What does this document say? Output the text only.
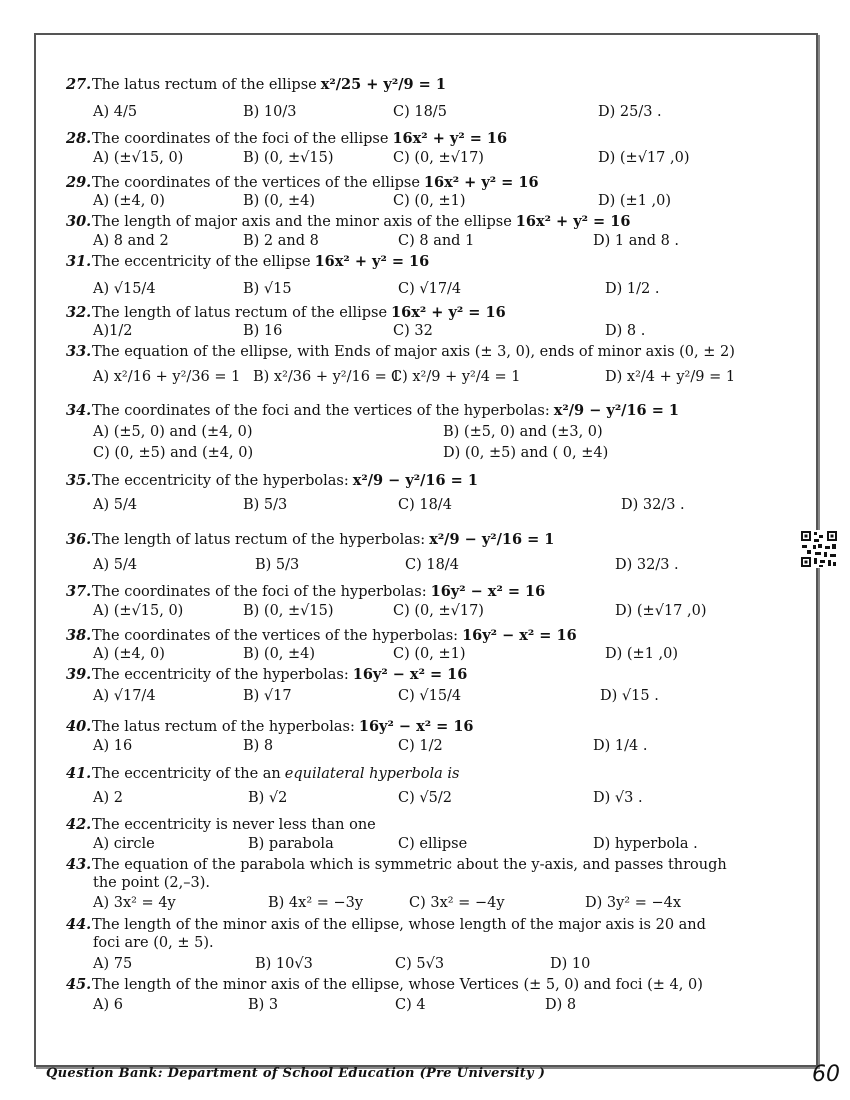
27.The latus rectum of the ellipse x²/25 + y²/9 = 1
A) 4/5	B) 10/3	C) 18/5	D) 25/3 .
28.The coordinates of the foci of the ellipse 16x² + y² = 16
A) (±√15, 0)	B) (0, ±√15)	C) (0, ±√17)	D) (±√17 ,0)
29.The coordinates of the vertices of the ellipse 16x² + y² = 16
A) (±4, 0)	B) (0, ±4)	C) (0, ±1)	D) (±1 ,0)
30.The length of major axis and the minor axis of the ellipse 16x² + y² = 16
A) 8 and 2	B) 2 and 8	C) 8 and 1	D) 1 and 8 .
31.The eccentricity of the ellipse 16x² + y² = 16
A) √15/4	B) √15	C) √17/4	D) 1/2 .
32.The length of latus rectum of the ellipse 16x² + y² = 16
A)1/2	B) 16	C) 32	D) 8 .
33.The equation of the ellipse, with Ends of major axis (± 3, 0), ends of minor axis (0, ± 2)
A) x²/16 + y²/36 = 1 B) x²/36 + y²/16 = 1
C) x²/9 + y²/4 = 1	D) x²/4 + y²/9 = 1
34.The coordinates of the foci and the vertices of the hyperbolas: x²/9 − y²/16 = 1
A) (±5, 0) and (±4, 0)	B) (±5, 0) and (±3, 0)
C) (0, ±5) and (±4, 0)	D) (0, ±5) and ( 0, ±4)
35.The eccentricity of the hyperbolas: x²/9 − y²/16 = 1
A) 5/4	B) 5/3	C) 18/4	D) 32/3 .
36.The length of latus rectum of the hyperbolas: x²/9 − y²/16 = 1
A) 5/4	B) 5/3	C) 18/4	D) 32/3 .
37.The coordinates of the foci of the hyperbolas: 16y² − x² = 16
A) (±√15, 0)	B) (0, ±√15)	C) (0, ±√17)	D) (±√17 ,0)
38.The coordinates of the vertices of the hyperbolas: 16y² − x² = 16
A) (±4, 0)	B) (0, ±4)	C) (0, ±1)	D) (±1 ,0)
39.The eccentricity of the hyperbolas: 16y² − x² = 16
A) √17/4	B) √17	C) √15/4	D) √15 .
40.The latus rectum of the hyperbolas: 16y² − x² = 16
A) 16	B) 8	C) 1/2	D) 1/4 .
41.The eccentricity of the an equilateral hyperbola is
A) 2	B) √2	C) √5/2	D) √3 .
42.The eccentricity is never less than one
A) circle	B) parabola	C) ellipse	D) hyperbola .
43.The equation of the parabola which is symmetric about the y-axis, and passes through
the point (2,–3).
A) 3x² = 4y	B) 4x² = −3y	C) 3x² = −4y	D) 3y² = −4x
44.The length of the minor axis of the ellipse, whose length of the major axis is 20 and
foci are (0, ± 5).
A) 75	B) 10√3	C) 5√3	D) 10
45.The length of the minor axis of the ellipse, whose Vertices (± 5, 0) and foci (± 4, 0)
A) 6	B) 3	C) 4	D) 8
Question Bank: Department of School Education (Pre University )	60
